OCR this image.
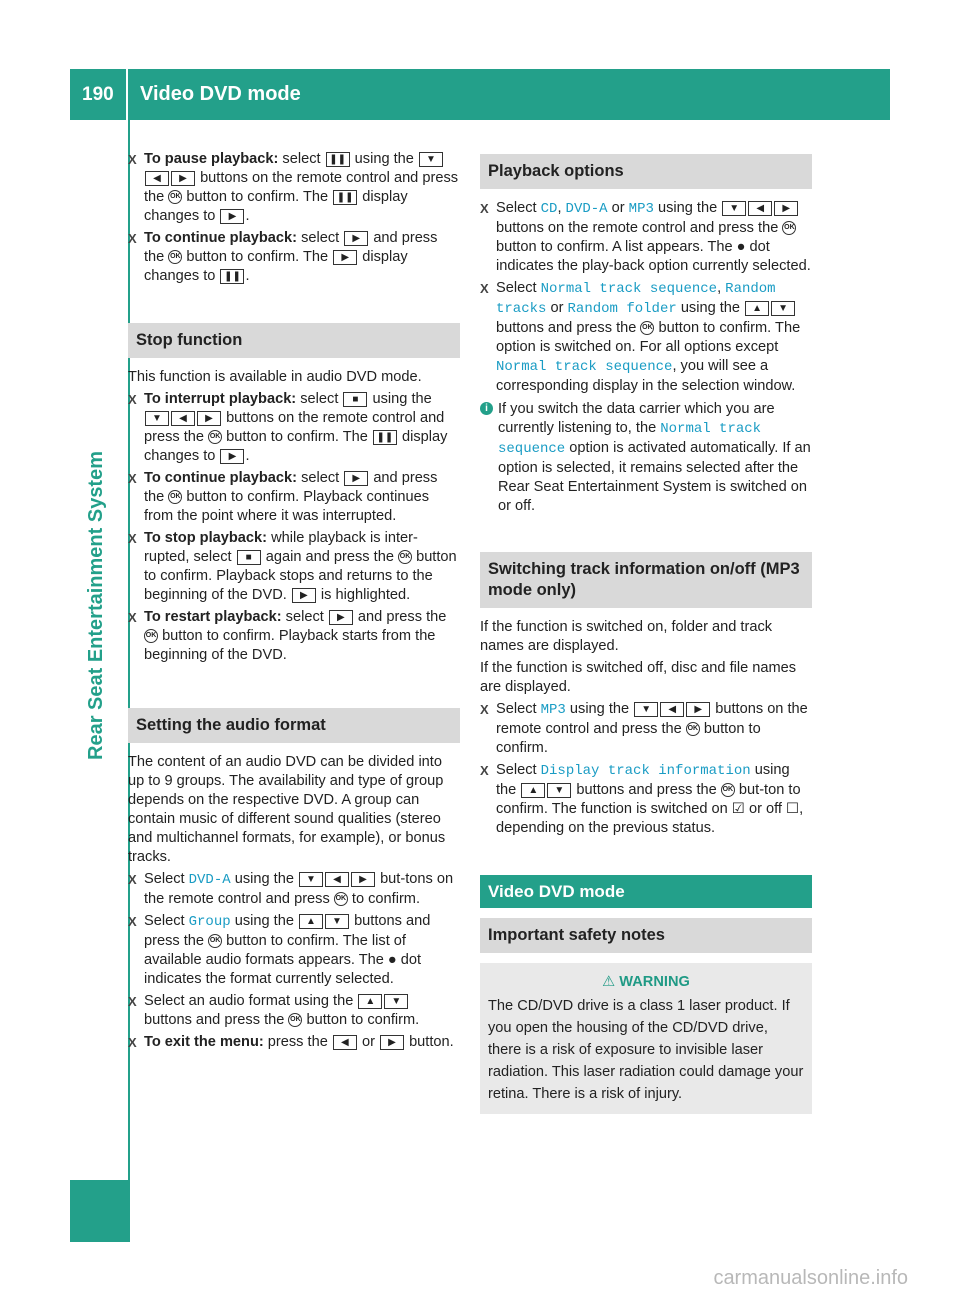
190	Video DVD mode
Rear Seat Entertainment System
X To pause playback: select ❚❚ using the ▼◀ ▶ buttons on the remote control and press the OK button to confirm. The ❚❚ display changes to ▶ .
X To continue playback: select ▶ and press the OK button to confirm. The ▶ display changes to ❚❚ .
Stop function

This function is available in audio DVD mode.

X To interrupt playback: select ■ using the ▼ ◀ ▶ buttons on the remote control and press the OK button to confirm. The ❚❚ display changes to ▶ .
X To continue playback: select ▶ and press the OK button to confirm. Playback continues from the point where it was interrupted.
X To stop playback: while playback is inter-rupted, select ■ again and press the OK button to confirm. Playback stops and returns to the beginning of the DVD. ▶ is highlighted.
X To restart playback: select ▶ and press the OK button to confirm. Playback starts from the beginning of the DVD.
Setting the audio format

The content of an audio DVD can be divided into up to 9 groups. The availability and type of group depends on the respective DVD. A group can contain music of different sound qualities (stereo and multichannel formats, for example), or bonus tracks.

X Select DVD-A using the ▼ ◀ ▶ but-tons on the remote control and press OK to confirm.
X Select Group using the ▲ ▼ buttons and press the OK button to confirm. The list of available audio formats appears. The ● dot indicates the format currently selected.
X Select an audio format using the ▲ ▼ buttons and press the OK button to confirm.
X To exit the menu: press the ◀ or ▶ button.
Playback options
X Select CD, DVD-A or MP3 using the ▼ ◀ ▶ buttons on the remote control and press the OK button to confirm. A list appears. The ● dot indicates the play-back option currently selected.
X Select Normal track sequence, Random tracks or Random folder using the ▲ ▼ buttons and press the OK button to confirm. The option is switched on. For all options except Normal track sequence, you will see a corresponding display in the selection window.
i If you switch the data carrier which you are currently listening to, the Normal track sequence option is activated automatically. If an option is selected, it remains selected after the Rear Seat Entertainment System is switched on or off.
Switching track information on/off (MP3 mode only)

If the function is switched on, folder and track names are displayed.

If the function is switched off, disc and file names are displayed.

X Select MP3 using the ▼ ◀ ▶ buttons on the remote control and press the OK button to confirm.
X Select Display track information using the ▲ ▼ buttons and press the OK but-ton to confirm. The function is switched on ☑ or off ☐, depending on the previous status.
Video DVD mode
Important safety notes
⚠ WARNING
The CD/DVD drive is a class 1 laser product. If you open the housing of the CD/DVD drive, there is a risk of exposure to invisible laser radiation. This laser radiation could damage your retina. There is a risk of injury.
carmanualsonline.info
